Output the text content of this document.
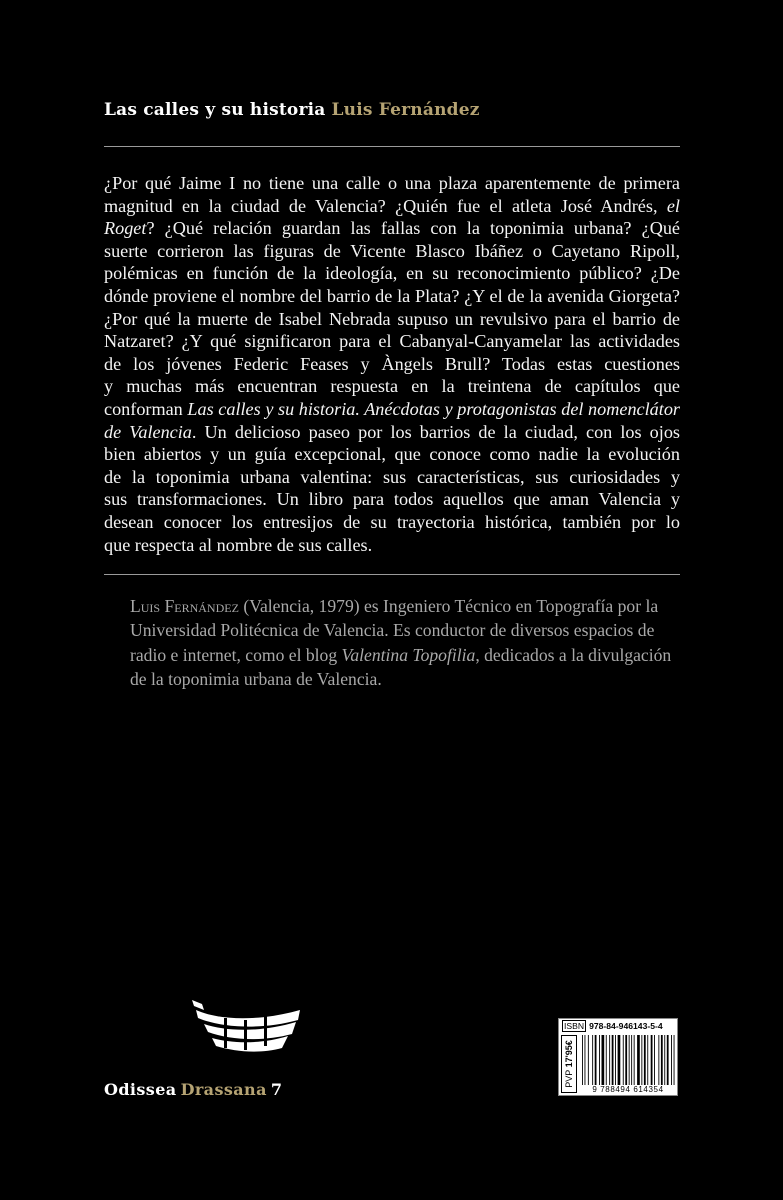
Las calles y su historia Luis Fernández
¿Por qué Jaime I no tiene una calle o una plaza aparentemente de primera
magnitud en la ciudad de Valencia? ¿Quién fue el atleta José Andrés, el
Roget? ¿Qué relación guardan las fallas con la toponimia urbana? ¿Qué
suerte corrieron las figuras de Vicente Blasco Ibáñez o Cayetano Ripoll,
polémicas en función de la ideología, en su reconocimiento público? ¿De
dónde proviene el nombre del barrio de la Plata? ¿Y el de la avenida Giorgeta?
¿Por qué la muerte de Isabel Nebrada supuso un revulsivo para el barrio de
Natzaret? ¿Y qué significaron para el Cabanyal-Canyamelar las actividades
de los jóvenes Federic Feases y Àngels Brull? Todas estas cuestiones
y muchas más encuentran respuesta en la treintena de capítulos que
conforman Las calles y su historia. Anécdotas y protagonistas del nomenclátor
de Valencia. Un delicioso paseo por los barrios de la ciudad, con los ojos
bien abiertos y un guía excepcional, que conoce como nadie la evolución
de la toponimia urbana valentina: sus características, sus curiosidades y
sus transformaciones. Un libro para todos aquellos que aman Valencia y
desean conocer los entresijos de su trayectoria histórica, también por lo
que respecta al nombre de sus calles.
Luis Fernández (Valencia, 1979) es Ingeniero Técnico en Topografía por la
Universidad Politécnica de Valencia. Es conductor de diversos espacios de
radio e internet, como el blog Valentina Topofilia, dedicados a la divulgación
de la toponimia urbana de Valencia.
Odissea Drassana 7
ISBN 978-84-946143-5-4
PVP 17'95€
9 788494 614354
